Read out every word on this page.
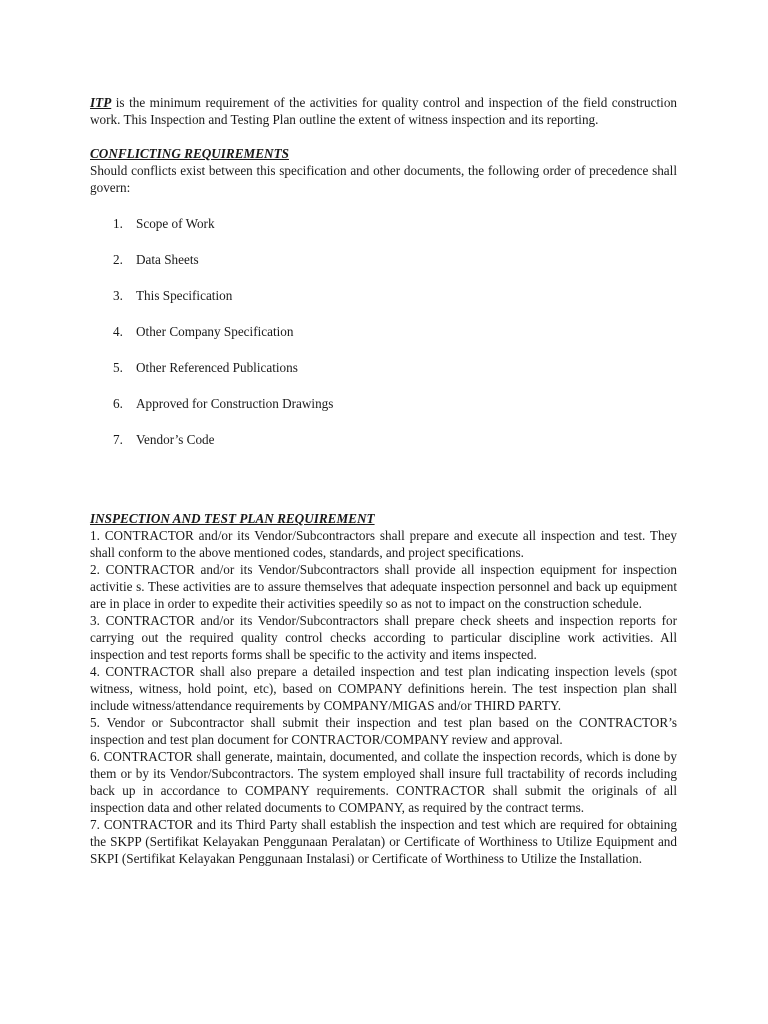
ITP is the minimum requirement of the activities for quality control and inspection of the field construction work. This Inspection and Testing Plan outline the extent of witness inspection and its reporting.

CONFLICTING REQUIREMENTS

Should conflicts exist between this specification and other documents, the following order of precedence shall govern:

1. Scope of Work
2. Data Sheets
3. This Specification
4. Other Company Specification
5. Other Referenced Publications
6. Approved for Construction Drawings
7. Vendor’s Code

INSPECTION AND TEST PLAN REQUIREMENT

1. CONTRACTOR and/or its Vendor/Subcontractors shall prepare and execute all inspection and test. They shall conform to the above mentioned codes, standards, and project specifications.

2. CONTRACTOR and/or its Vendor/Subcontractors shall provide all inspection equipment for inspection activitie s. These activities are to assure themselves that adequate inspection personnel and back up equipment are in place in order to expedite their activities speedily so as not to impact on the construction schedule.

3. CONTRACTOR and/or its Vendor/Subcontractors shall prepare check sheets and inspection reports for carrying out the required quality control checks according to particular discipline work activities. All inspection and test reports forms shall be specific to the activity and items inspected.

4. CONTRACTOR shall also prepare a detailed inspection and test plan indicating inspection levels (spot witness, witness, hold point, etc), based on COMPANY definitions herein. The test inspection plan shall include witness/attendance requirements by COMPANY/MIGAS and/or THIRD PARTY.

5. Vendor or Subcontractor shall submit their inspection and test plan based on the CONTRACTOR’s inspection and test plan document for CONTRACTOR/COMPANY review and approval.

6. CONTRACTOR shall generate, maintain, documented, and collate the inspection records, which is done by them or by its Vendor/Subcontractors. The system employed shall insure full tractability of records including back up in accordance to COMPANY requirements. CONTRACTOR shall submit the originals of all inspection data and other related documents to COMPANY, as required by the contract terms.

7. CONTRACTOR and its Third Party shall establish the inspection and test which are required for obtaining the SKPP (Sertifikat Kelayakan Penggunaan Peralatan) or Certificate of Worthiness to Utilize Equipment and SKPI (Sertifikat Kelayakan Penggunaan Instalasi) or Certificate of Worthiness to Utilize the Installation.
